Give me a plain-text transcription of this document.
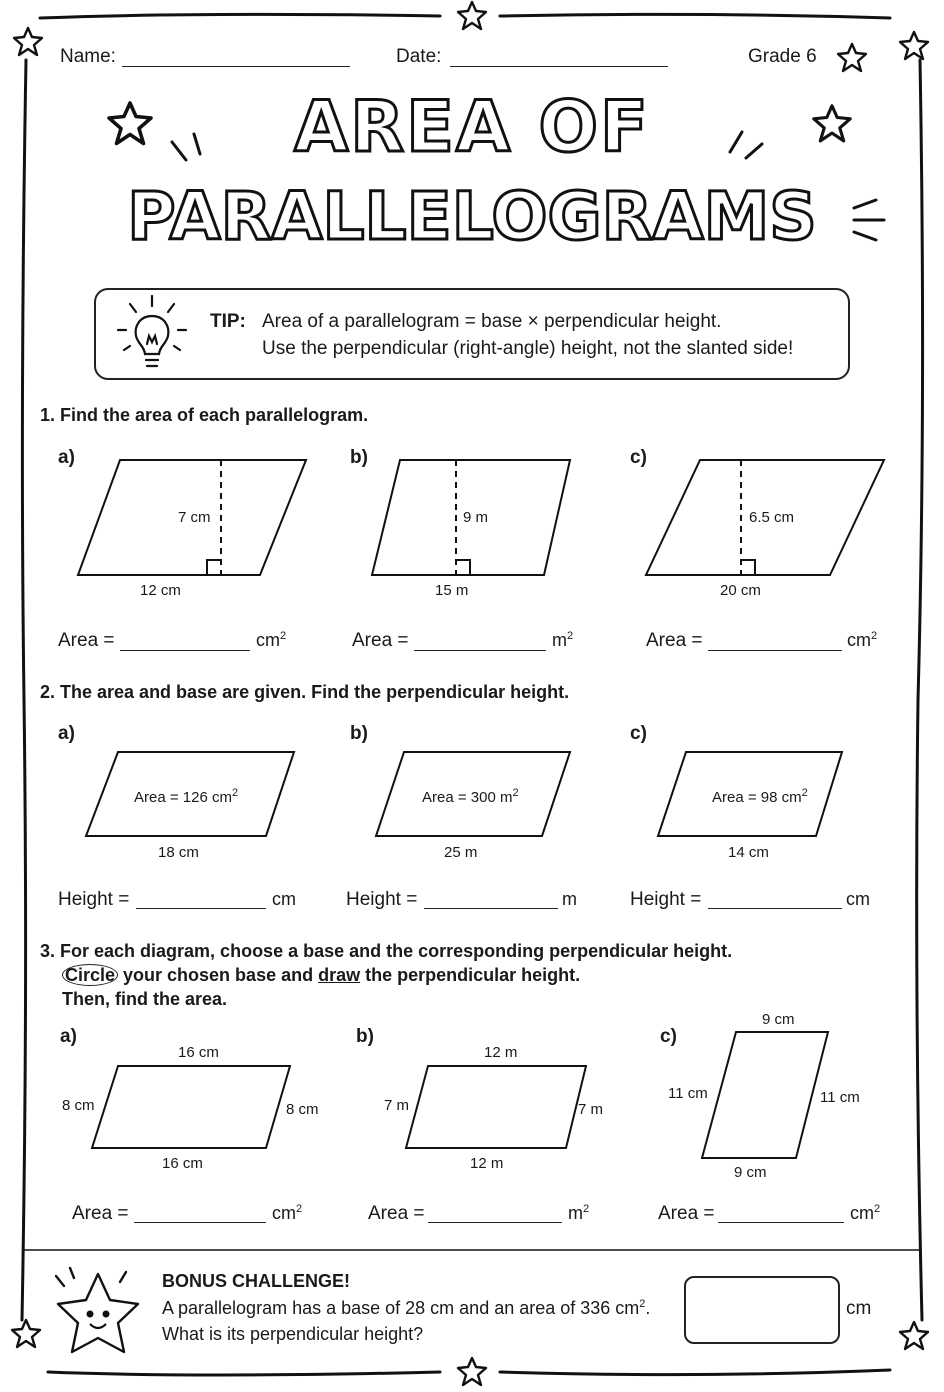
Name:	Date:	Grade 6
AREA OF
PARALLELOGRAMS
TIP: Area of a parallelogram = base × perpendicular height.
Use the perpendicular (right-angle) height, not the slanted side!
1. Find the area of each parallelogram.
a)	b)	c)
7 cm
12 cm
9 m
15 m
6.5 cm
20 cm
Area =	$cm^2$	Area =	$m^2$	Area =	$cm^2$
2. The area and base are given. Find the perpendicular height.
a)	b)	c)
Area = 126 $cm^2$
18 cm
Area = 300 $m^2$
25 m
Area = 98 $cm^2$
14 cm
Height =	cm	Height =	m	Height =	cm
3. For each diagram, choose a base and the corresponding perpendicular height.
Circle your chosen base and draw the perpendicular height.
Then, find the area.
a)	b)	c)
16 cm
16 cm
8 cm	8 cm
12 m
12 m
7 m	7 m
9 cm
9 cm
11 cm	11 cm
Area =	$cm^2$	Area =	$m^2$	Area =	$cm^2$
BONUS CHALLENGE!
A parallelogram has a base of 28 cm and an area of 336 $cm^2$.
What is its perpendicular height?
cm
